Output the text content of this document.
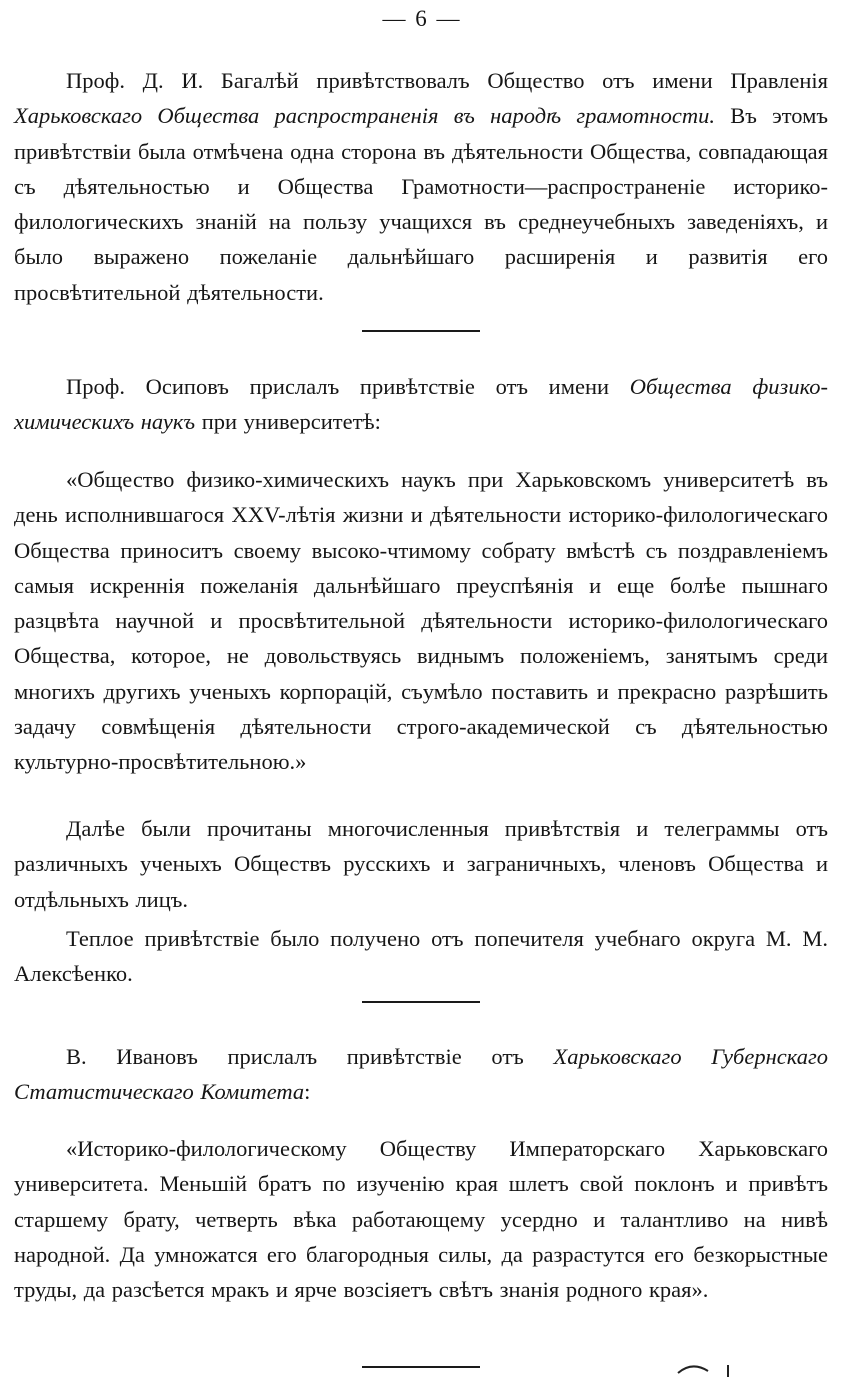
— 6 —

Проф. Д. И. Багалѣй привѣтствовалъ Общество отъ имени Правленія Харьковскаго Общества распространенія въ народѣ грамотности. Въ этомъ привѣтствіи была отмѣчена одна сторона въ дѣятельности Общества, совпадающая съ дѣятельностью и Общества Грамотности—распространеніе историко-филологическихъ знаній на пользу учащихся въ среднеучебныхъ заведеніяхъ, и было выражено пожеланіе дальнѣйшаго расширенія и развитія его просвѣтительной дѣятельности.

Проф. Осиповъ прислалъ привѣтствіе отъ имени Общества физико-химическихъ наукъ при университетѣ:

«Общество физико-химическихъ наукъ при Харьковскомъ университетѣ въ день исполнившагося XXV-лѣтія жизни и дѣятельности историко-филологическаго Общества приноситъ своему высоко-чтимому собрату вмѣстѣ съ поздравленіемъ самыя искреннія пожеланія дальнѣйшаго преуспѣянія и еще болѣе пышнаго разцвѣта научной и просвѣтительной дѣятельности историко-филологическаго Общества, которое, не довольствуясь виднымъ положеніемъ, занятымъ среди многихъ другихъ ученыхъ корпорацій, съумѣло поставить и прекрасно разрѣшить задачу совмѣщенія дѣятельности строго-академической съ дѣятельностью культурно-просвѣтительною.»

Далѣе были прочитаны многочисленныя привѣтствія и телеграммы отъ различныхъ ученыхъ Обществъ русскихъ и заграничныхъ, членовъ Общества и отдѣльныхъ лицъ.

Теплое привѣтствіе было получено отъ попечителя учебнаго округа М. М. Алексѣенко.

В. Ивановъ прислалъ привѣтствіе отъ Харьковскаго Губернскаго Статистическаго Комитета:

«Историко-филологическому Обществу Императорскаго Харьковскаго университета. Меньшій братъ по изученію края шлетъ свой поклонъ и привѣтъ старшему брату, четверть вѣка работающему усердно и талантливо на нивѣ народной. Да умножатся его благородныя силы, да разрастутся его безкорыстные труды, да разсѣется мракъ и ярче возсіяетъ свѣтъ знанія родного края».
